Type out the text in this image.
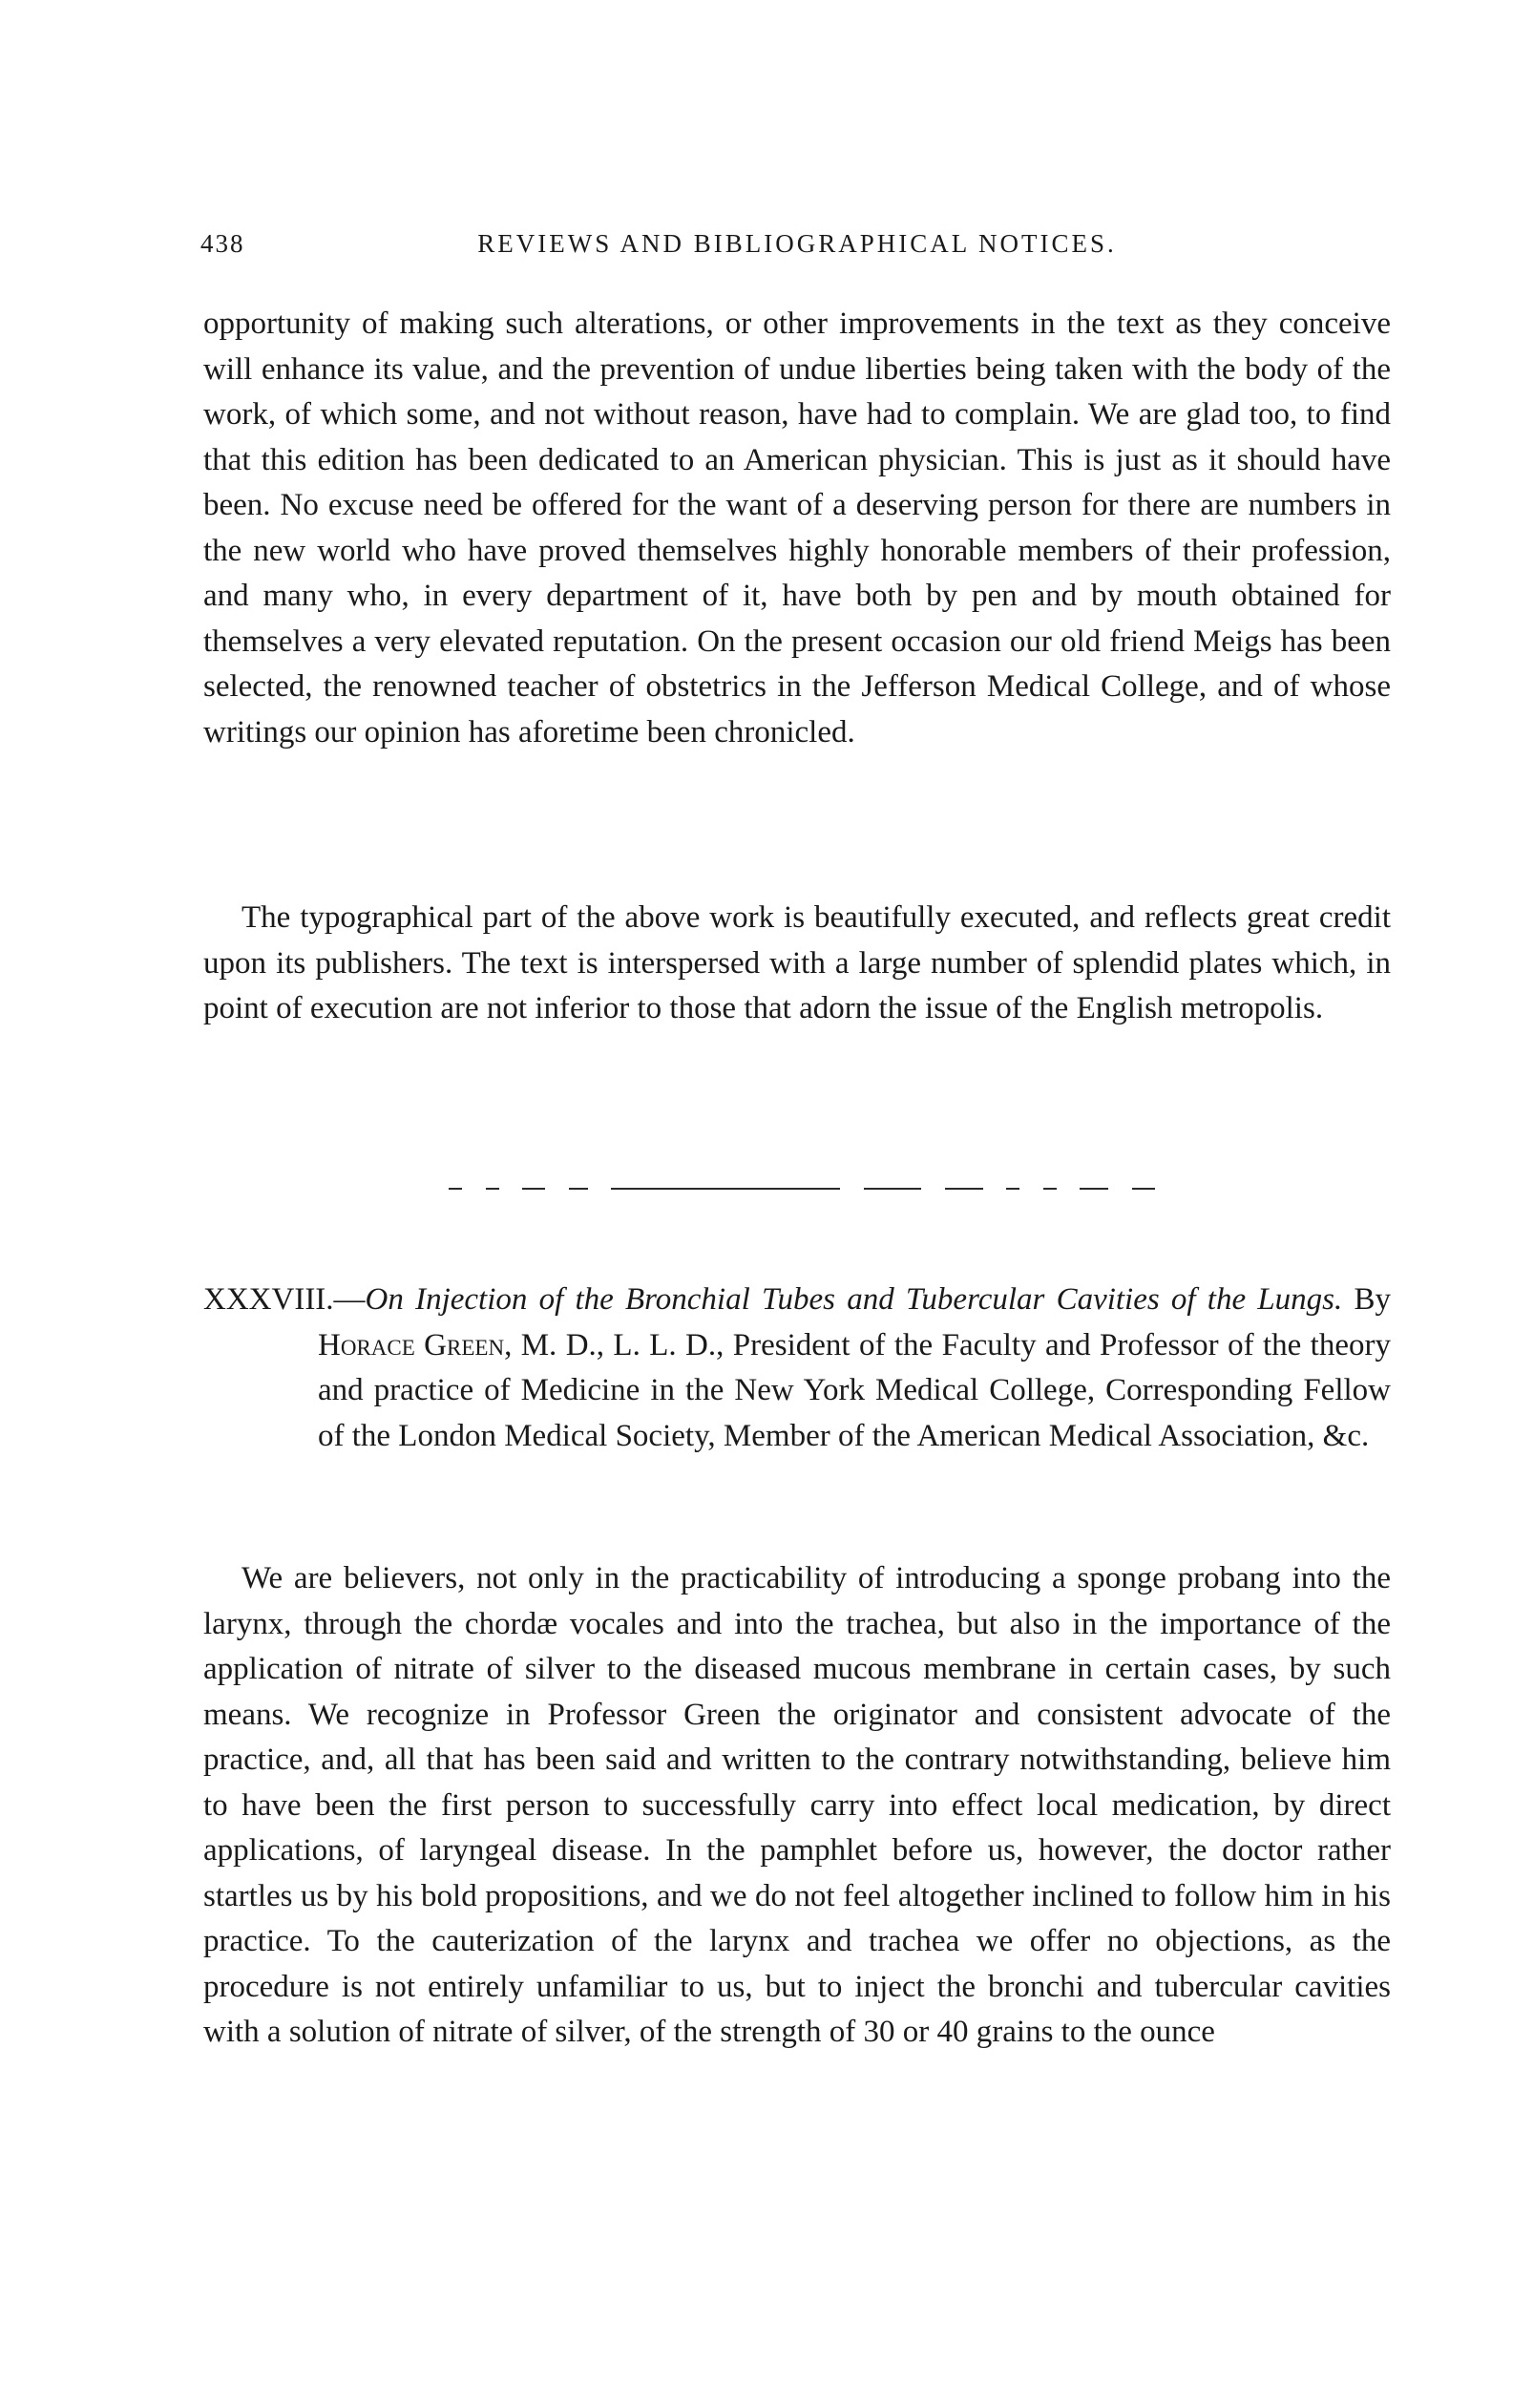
438	REVIEWS AND BIBLIOGRAPHICAL NOTICES.

opportunity of making such alterations, or other improvements in the text as they conceive will enhance its value, and the prevention of undue liberties being taken with the body of the work, of which some, and not without reason, have had to complain. We are glad too, to find that this edition has been dedicated to an American physician. This is just as it should have been. No excuse need be offered for the want of a deserving person for there are numbers in the new world who have proved themselves highly honorable members of their profession, and many who, in every department of it, have both by pen and by mouth obtained for themselves a very elevated reputation. On the present occasion our old friend Meigs has been selected, the renowned teacher of obstetrics in the Jefferson Medical College, and of whose writings our opinion has aforetime been chronicled.

The typographical part of the above work is beautifully executed, and reflects great credit upon its publishers. The text is interspersed with a large number of splendid plates which, in point of execution are not inferior to those that adorn the issue of the English metropolis.

XXXVIII.—On Injection of the Bronchial Tubes and Tubercular Cavities of the Lungs. By Horace Green, M. D., L. L. D., President of the Faculty and Professor of the theory and practice of Medicine in the New York Medical College, Corresponding Fellow of the London Medical Society, Member of the American Medical Association, &c.

We are believers, not only in the practicability of introducing a sponge probang into the larynx, through the chordæ vocales and into the trachea, but also in the importance of the application of nitrate of silver to the diseased mucous membrane in certain cases, by such means. We recognize in Professor Green the originator and consistent advocate of the practice, and, all that has been said and written to the contrary notwithstanding, believe him to have been the first person to successfully carry into effect local medication, by direct applications, of laryngeal disease. In the pamphlet before us, however, the doctor rather startles us by his bold propositions, and we do not feel altogether inclined to follow him in his practice. To the cauterization of the larynx and trachea we offer no objections, as the procedure is not entirely unfamiliar to us, but to inject the bronchi and tubercular cavities with a solution of nitrate of silver, of the strength of 30 or 40 grains to the ounce
